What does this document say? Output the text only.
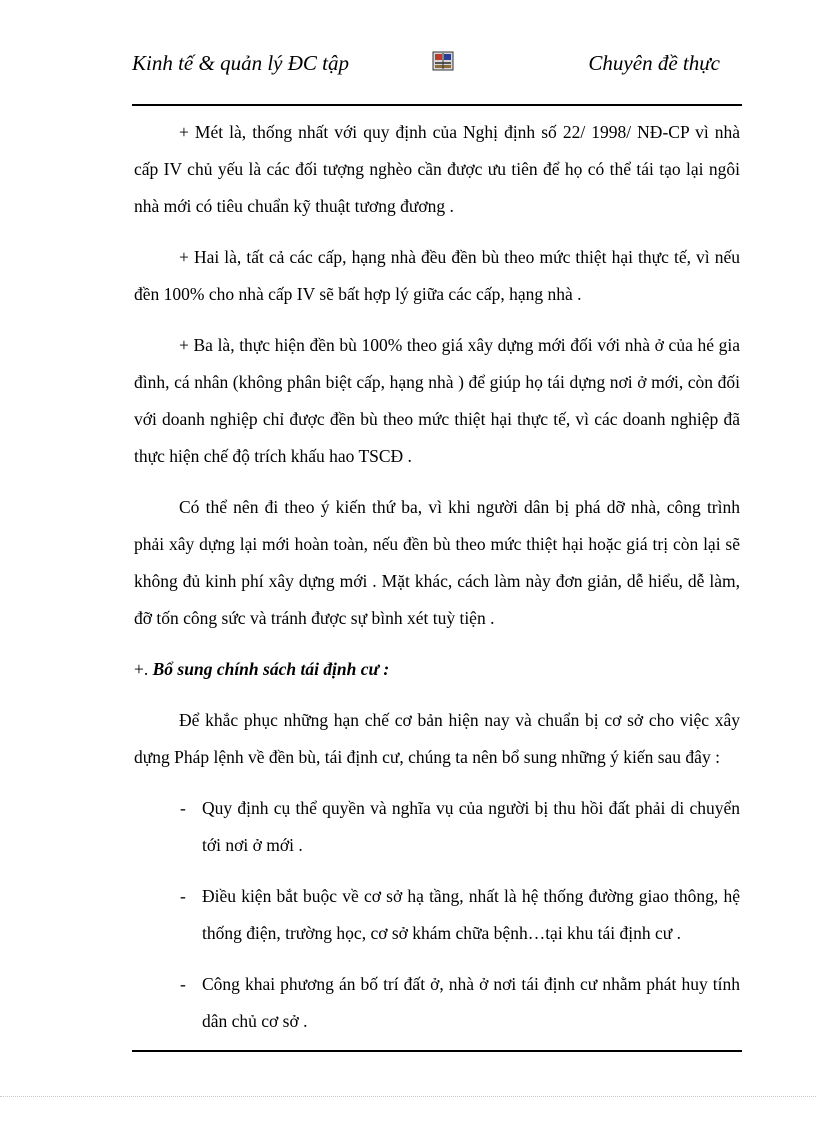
Kinh tế & quản lý ĐC tập	Chuyên đề thực

+ Mét là, thống nhất với quy định của Nghị định số 22/ 1998/ NĐ-CP vì nhà cấp IV chủ yếu là các đối tượng nghèo cần được ưu tiên để họ có thể tái tạo lại ngôi nhà mới có tiêu chuẩn kỹ thuật tương đương .

+ Hai là, tất cả các cấp, hạng nhà đều đền bù theo mức thiệt hại thực tế, vì nếu đền 100% cho nhà cấp IV sẽ bất hợp lý giữa các cấp, hạng nhà .

+ Ba là, thực hiện đền bù 100% theo giá xây dựng mới đối với nhà ở của hé gia đình, cá nhân (không phân biệt cấp, hạng nhà ) để giúp họ tái dựng nơi ở mới, còn đối với doanh nghiệp chỉ được đền bù theo mức thiệt hại thực tế, vì các doanh nghiệp đã thực hiện chế độ trích khấu hao TSCĐ .

Có thể nên đi theo ý kiến thứ ba, vì khi người dân bị phá dỡ nhà, công trình phải xây dựng lại mới hoàn toàn, nếu đền bù theo mức thiệt hại hoặc giá trị còn lại sẽ không đủ kinh phí xây dựng mới . Mặt khác, cách làm này đơn giản, dễ hiểu, dễ làm, đỡ tốn công sức và tránh được sự bình xét tuỳ tiện .

+. Bổ sung chính sách tái định cư :

Để khắc phục những hạn chế cơ bản hiện nay và chuẩn bị cơ sở cho việc xây dựng Pháp lệnh về đền bù, tái định cư, chúng ta nên bổ sung những ý kiến sau đây :

- Quy định cụ thể quyền và nghĩa vụ của người bị thu hồi đất phải di chuyển tới nơi ở mới .
- Điều kiện bắt buộc về cơ sở hạ tầng, nhất là hệ thống đường giao thông, hệ thống điện, trường học, cơ sở khám chữa bệnh…tại khu tái định cư .
- Công khai phương án bố trí đất ở, nhà ở nơi tái định cư nhằm phát huy tính dân chủ cơ sở .
